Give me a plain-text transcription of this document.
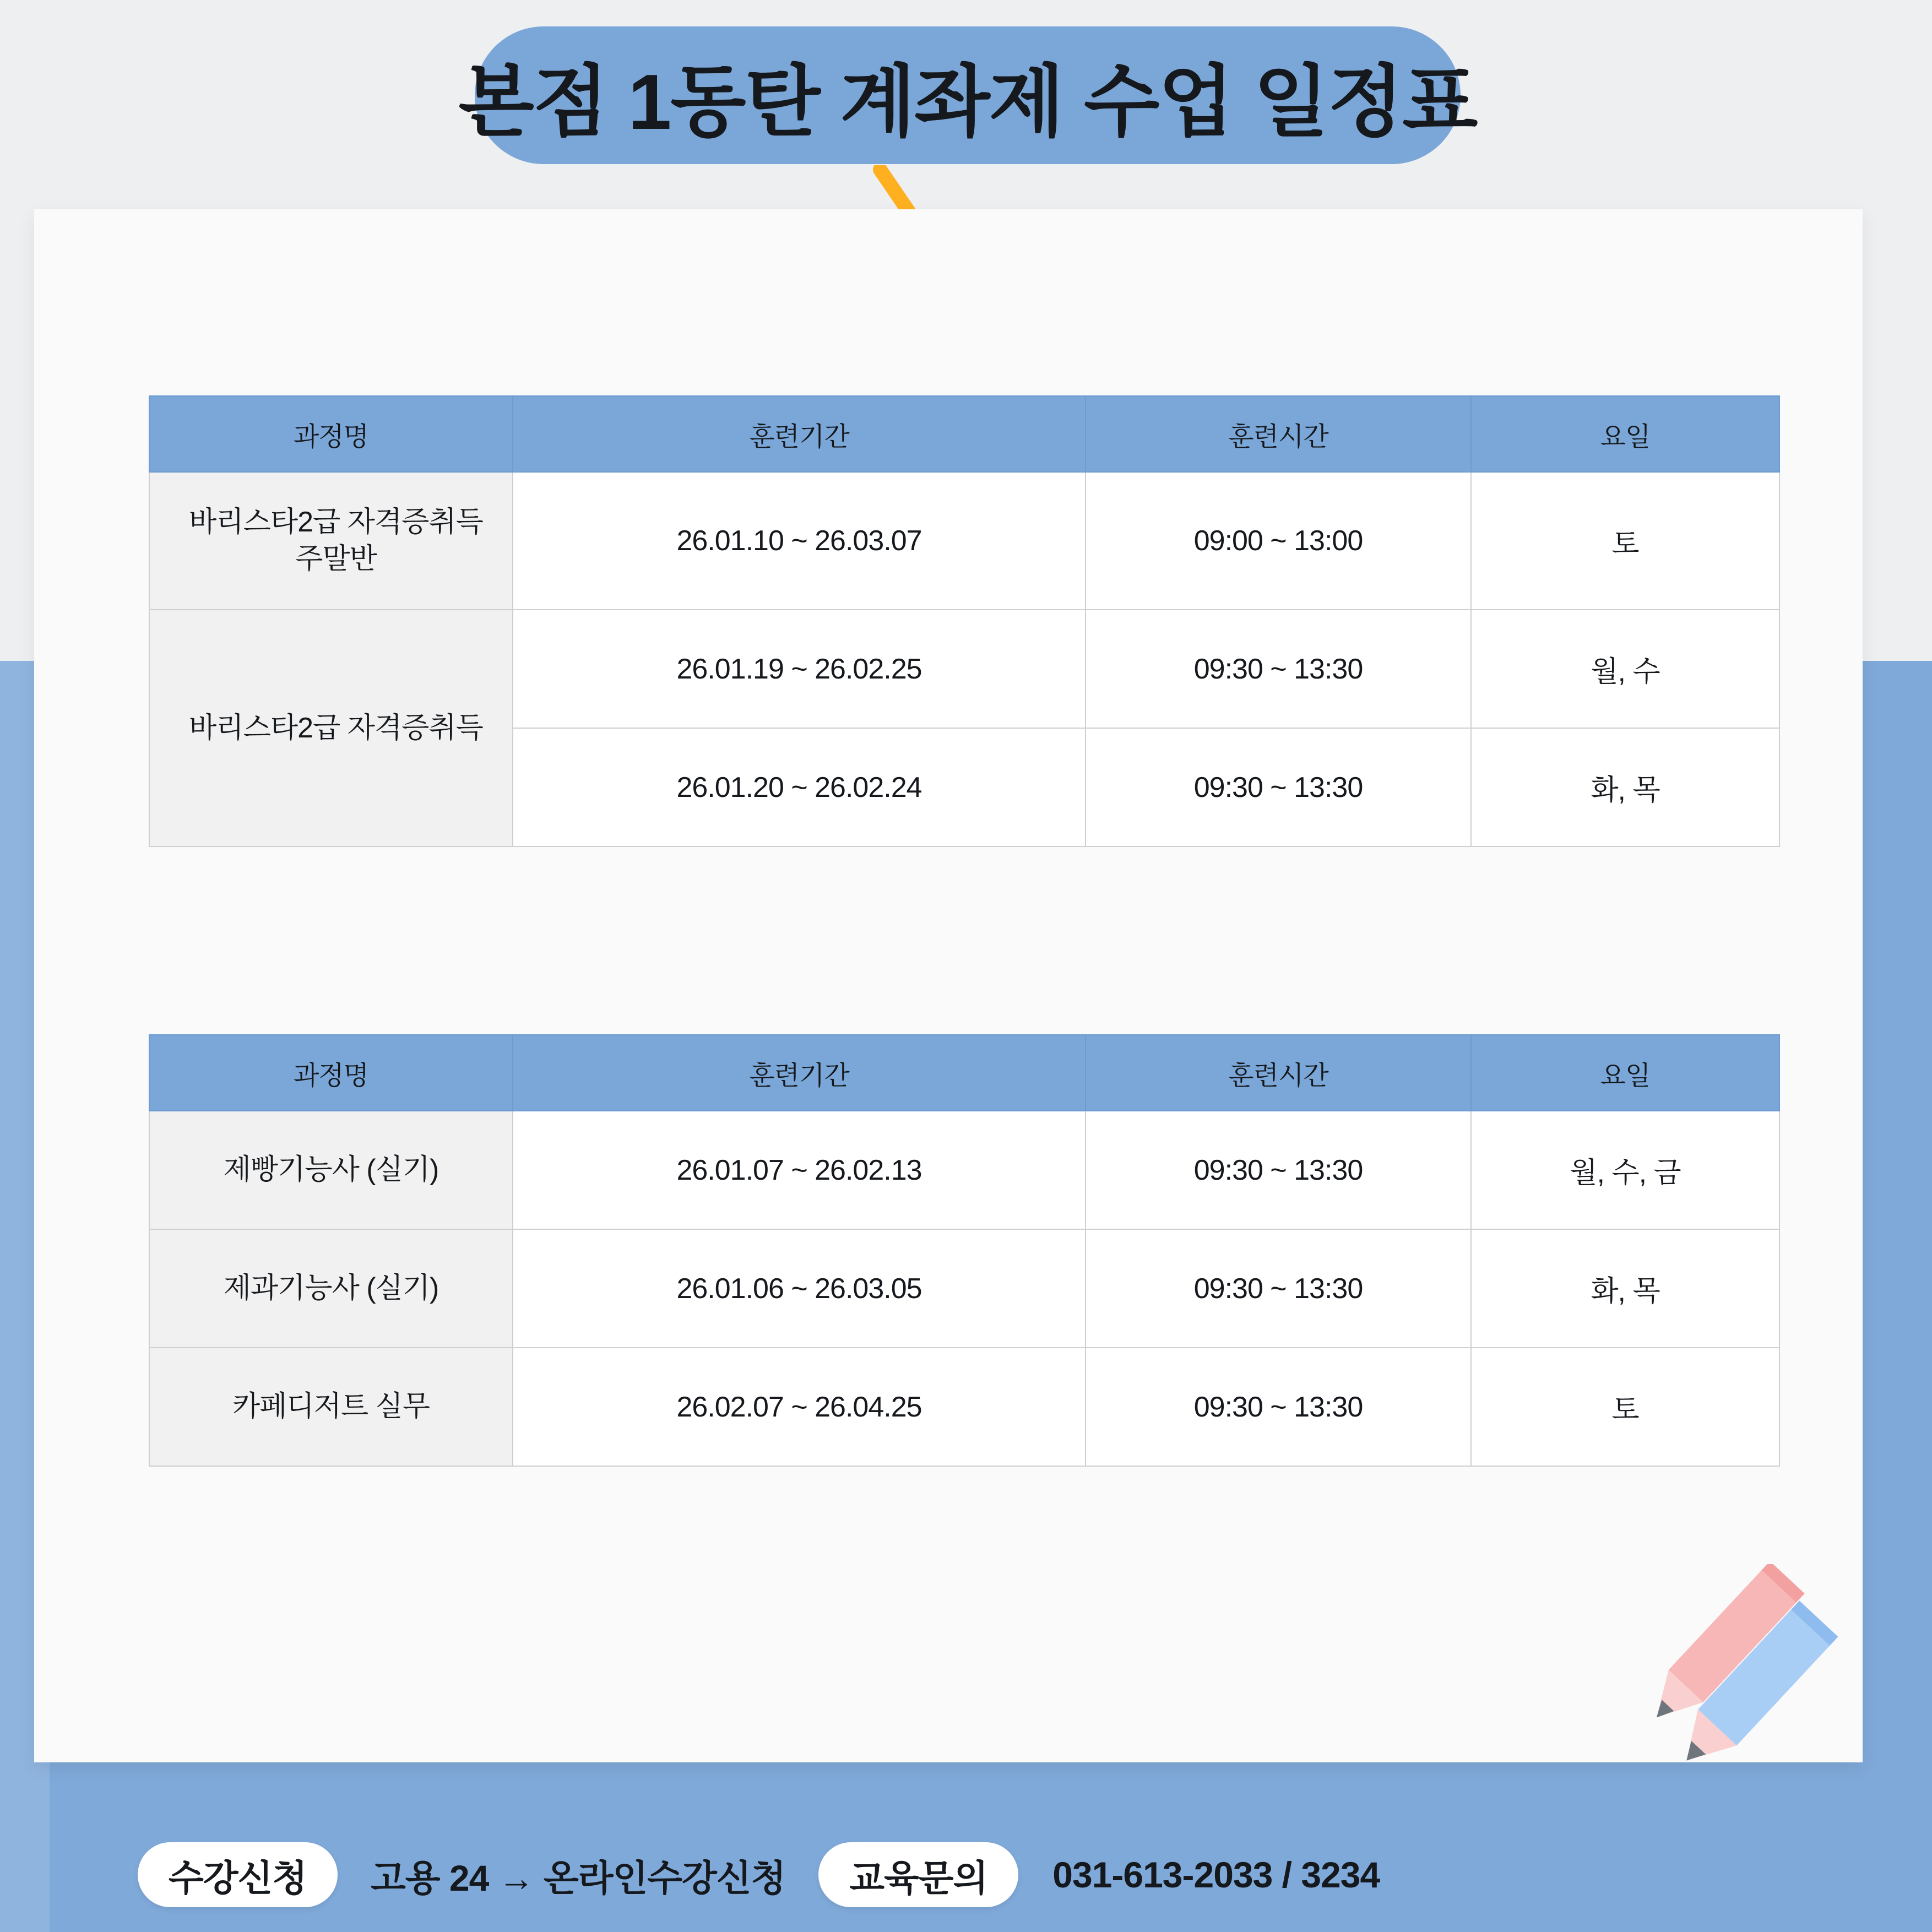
본점 1동탄 계좌제 수업 일정표
과정명	훈련기간	훈련시간	요일

바리스타2급 자격증취득
주말반	26.01.10 ~ 26.03.07	09:00 ~ 13:00	토
바리스타2급 자격증취득	26.01.19 ~ 26.02.25	09:30 ~ 13:30	월, 수
	26.01.20 ~ 26.02.24	09:30 ~ 13:30	화, 목
과정명	훈련기간	훈련시간	요일
제빵기능사 (실기)	26.01.07 ~ 26.02.13	09:30 ~ 13:30	월, 수, 금
제과기능사 (실기)	26.01.06 ~ 26.03.05	09:30 ~ 13:30	화, 목
카페디저트 실무	26.02.07 ~ 26.04.25	09:30 ~ 13:30	토
수강신청 고용 24 → 온라인수강신청 교육문의 031-613-2033 / 3234
